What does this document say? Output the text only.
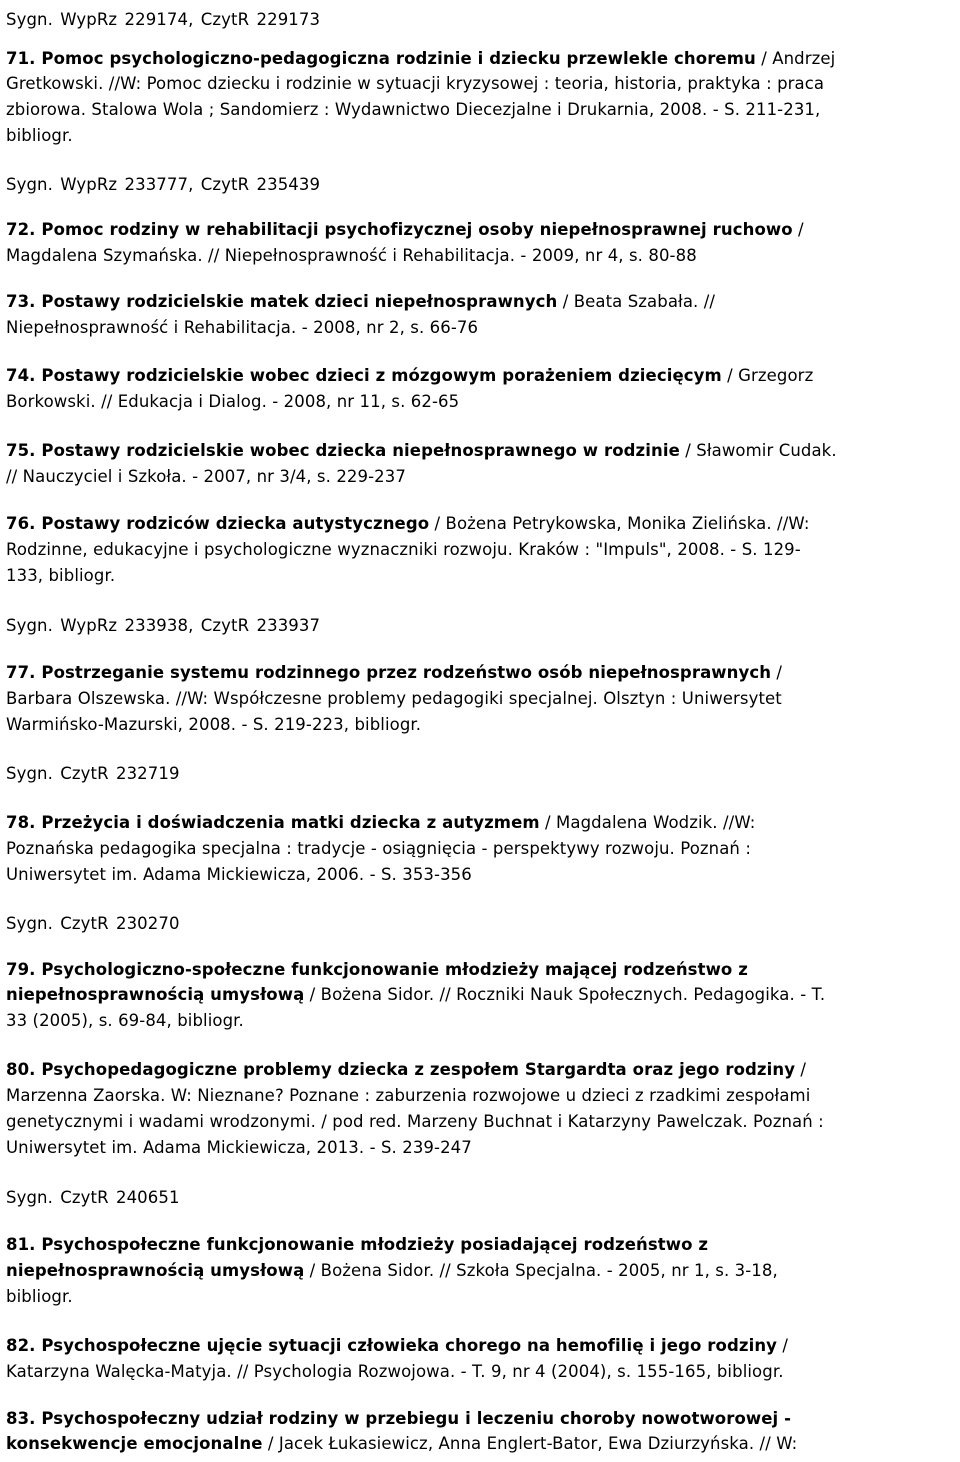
Sygn. WypRz 229174, CzytR 229173
71. Pomoc psychologiczno-pedagogiczna rodzinie i dziecku przewlekle choremu / Andrzej
Gretkowski. //W: Pomoc dziecku i rodzinie w sytuacji kryzysowej : teoria, historia, praktyka : praca
zbiorowa. Stalowa Wola ; Sandomierz : Wydawnictwo Diecezjalne i Drukarnia, 2008. - S. 211-231,
bibliogr.
Sygn. WypRz 233777, CzytR 235439
72. Pomoc rodziny w rehabilitacji psychofizycznej osoby niepełnosprawnej ruchowo /
Magdalena Szymańska. // Niepełnosprawność i Rehabilitacja. - 2009, nr 4, s. 80-88
73. Postawy rodzicielskie matek dzieci niepełnosprawnych / Beata Szabała. //
Niepełnosprawność i Rehabilitacja. - 2008, nr 2, s. 66-76
74. Postawy rodzicielskie wobec dzieci z mózgowym porażeniem dziecięcym / Grzegorz
Borkowski. // Edukacja i Dialog. - 2008, nr 11, s. 62-65
75. Postawy rodzicielskie wobec dziecka niepełnosprawnego w rodzinie / Sławomir Cudak.
// Nauczyciel i Szkoła. - 2007, nr 3/4, s. 229-237
76. Postawy rodziców dziecka autystycznego / Bożena Petrykowska, Monika Zielińska. //W:
Rodzinne, edukacyjne i psychologiczne wyznaczniki rozwoju. Kraków : "Impuls", 2008. - S. 129-
133, bibliogr.
Sygn. WypRz 233938, CzytR 233937
77. Postrzeganie systemu rodzinnego przez rodzeństwo osób niepełnosprawnych /
Barbara Olszewska. //W: Współczesne problemy pedagogiki specjalnej. Olsztyn : Uniwersytet
Warmińsko-Mazurski, 2008. - S. 219-223, bibliogr.
Sygn. CzytR 232719
78. Przeżycia i doświadczenia matki dziecka z autyzmem / Magdalena Wodzik. //W:
Poznańska pedagogika specjalna : tradycje - osiągnięcia - perspektywy rozwoju. Poznań :
Uniwersytet im. Adama Mickiewicza, 2006. - S. 353-356
Sygn. CzytR 230270
79. Psychologiczno-społeczne funkcjonowanie młodzieży mającej rodzeństwo z
niepełnosprawnością umysłową / Bożena Sidor. // Roczniki Nauk Społecznych. Pedagogika. - T.
33 (2005), s. 69-84, bibliogr.
80. Psychopedagogiczne problemy dziecka z zespołem Stargardta oraz jego rodziny /
Marzenna Zaorska. W: Nieznane? Poznane : zaburzenia rozwojowe u dzieci z rzadkimi zespołami
genetycznymi i wadami wrodzonymi. / pod red. Marzeny Buchnat i Katarzyny Pawelczak. Poznań :
Uniwersytet im. Adama Mickiewicza, 2013. - S. 239-247
Sygn. CzytR 240651
81. Psychospołeczne funkcjonowanie młodzieży posiadającej rodzeństwo z
niepełnosprawnością umysłową / Bożena Sidor. // Szkoła Specjalna. - 2005, nr 1, s. 3-18,
bibliogr.
82. Psychospołeczne ujęcie sytuacji człowieka chorego na hemofilię i jego rodziny /
Katarzyna Walęcka-Matyja. // Psychologia Rozwojowa. - T. 9, nr 4 (2004), s. 155-165, bibliogr.
83. Psychospołeczny udział rodziny w przebiegu i leczeniu choroby nowotworowej -
konsekwencje emocjonalne / Jacek Łukasiewicz, Anna Englert-Bator, Ewa Dziurzyńska. // W:
